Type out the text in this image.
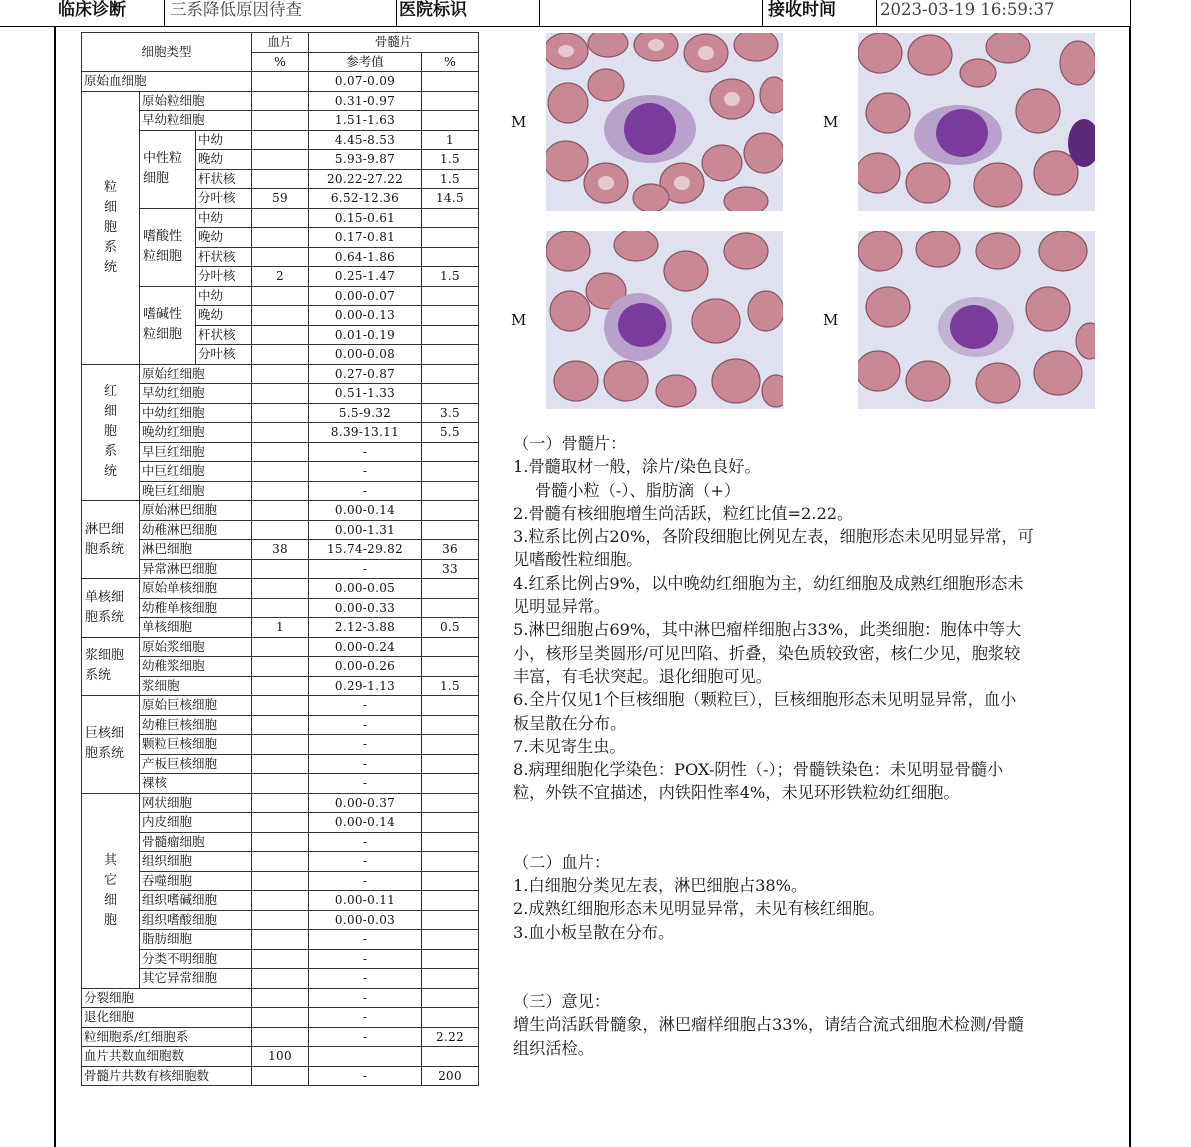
临床诊断	三系降低原因待查	医院标识	接收时间	2023-03-19 16:59:37
细胞类型			血片	骨髓片	
			%	参考值	%
原始血细胞				0.07-0.09	
粒细胞系统	原始粒细胞			0.31-0.97	
	早幼粒细胞			1.51-1.63	
	中性粒细胞	中幼		4.45-8.53	1
		晚幼		5.93-9.87	1.5
		杆状核		20.22-27.22	1.5
		分叶核	59	6.52-12.36	14.5
	嗜酸性粒细胞	中幼		0.15-0.61	
		晚幼		0.17-0.81	
		杆状核		0.64-1.86	
		分叶核	2	0.25-1.47	1.5
	嗜碱性粒细胞	中幼		0.00-0.07	
		晚幼		0.00-0.13	
		杆状核		0.01-0.19	
		分叶核		0.00-0.08	
红细胞系统	原始红细胞			0.27-0.87	
	早幼红细胞			0.51-1.33	
	中幼红细胞			5.5-9.32	3.5
	晚幼红细胞			8.39-13.11	5.5
	早巨红细胞			-	
	中巨红细胞			-	
	晚巨红细胞			-	
淋巴细胞系统	原始淋巴细胞			0.00-0.14	
	幼稚淋巴细胞			0.00-1.31	
	淋巴细胞		38	15.74-29.82	36
	异常淋巴细胞			-	33
单核细胞系统	原始单核细胞			0.00-0.05	
	幼稚单核细胞			0.00-0.33	
	单核细胞		1	2.12-3.88	0.5
浆细胞系统	原始浆细胞			0.00-0.24	
	幼稚浆细胞			0.00-0.26	
	浆细胞			0.29-1.13	1.5
巨核细胞系统	原始巨核细胞			-	
	幼稚巨核细胞			-	
	颗粒巨核细胞			-	
	产板巨核细胞			-	
	裸核			-	
其它细胞	网状细胞			0.00-0.37	
	内皮细胞			0.00-0.14	
	骨髓瘤细胞			-	
	组织细胞			-	
	吞噬细胞			-	
	组织嗜碱细胞			0.00-0.11	
	组织嗜酸细胞			0.00-0.03	
	脂肪细胞			-	
	分类不明细胞			-	
	其它异常细胞			-	
分裂细胞				-	
退化细胞				-	
粒细胞系/红细胞系				-	2.22
血片共数血细胞数			100		
骨髓片共数有核细胞数				-	200
M	M
M	M

（一）骨髓片：

1.骨髓取材一般，涂片/染色良好。

骨髓小粒（-）、脂肪滴（+）

2.骨髓有核细胞增生尚活跃，粒红比值=2.22。

3.粒系比例占20%，各阶段细胞比例见左表，细胞形态未见明显异常，可

见嗜酸性粒细胞。

4.红系比例占9%，以中晚幼红细胞为主，幼红细胞及成熟红细胞形态未

见明显异常。

5.淋巴细胞占69%，其中淋巴瘤样细胞占33%，此类细胞：胞体中等大

小，核形呈类圆形/可见凹陷、折叠，染色质较致密，核仁少见，胞浆较

丰富，有毛状突起。退化细胞可见。

6.全片仅见1个巨核细胞（颗粒巨），巨核细胞形态未见明显异常，血小

板呈散在分布。

7.未见寄生虫。

8.病理细胞化学染色：POX-阴性（-）；骨髓铁染色：未见明显骨髓小

粒，外铁不宜描述，内铁阳性率4%，未见环形铁粒幼红细胞。

（二）血片：

1.白细胞分类见左表，淋巴细胞占38%。

2.成熟红细胞形态未见明显异常，未见有核红细胞。

3.血小板呈散在分布。

（三）意见：

增生尚活跃骨髓象，淋巴瘤样细胞占33%，请结合流式细胞术检测/骨髓

组织活检。
